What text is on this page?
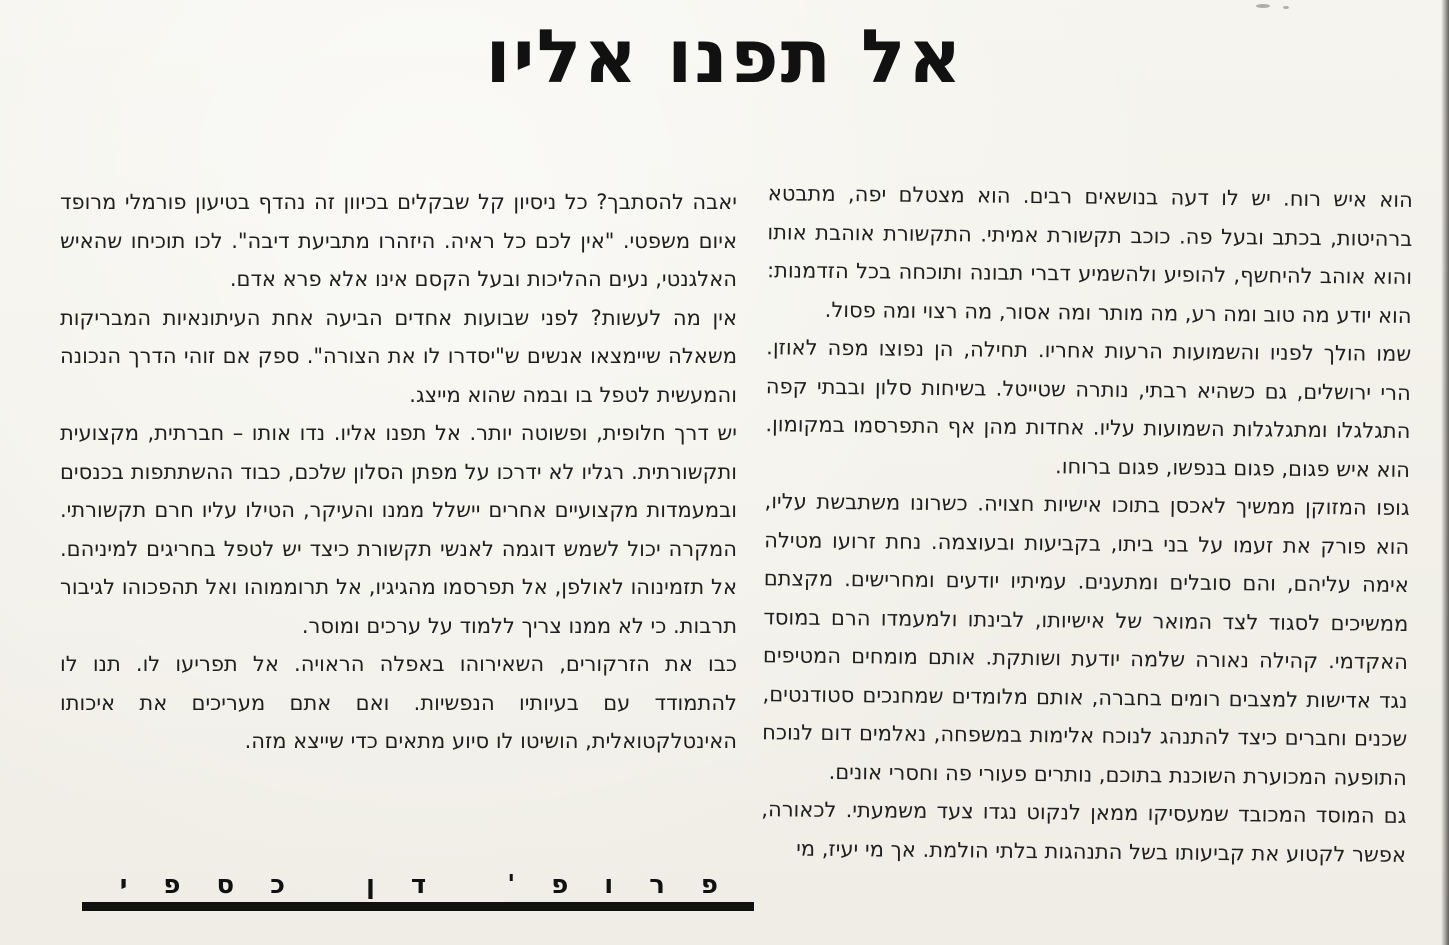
אל תפנו אליו

הוא איש רוח. יש לו דעה בנושאים רבים. הוא מצטלם יפה, מתבטא ברהיטות, בכתב ובעל פה. כוכב תקשורת אמיתי. התקשורת אוהבת אותו והוא אוהב להיחשף, להופיע ולהשמיע דברי תבונה ותוכחה בכל הזדמנות: הוא יודע מה טוב ומה רע, מה מותר ומה אסור, מה רצוי ומה פסול.

שמו הולך לפניו והשמועות הרעות אחריו. תחילה, הן נפוצו מפה לאוזן. הרי ירושלים, גם כשהיא רבתי, נותרה שטייטל. בשיחות סלון ובבתי קפה התגלגלו ומתגלגלות השמועות עליו. אחדות מהן אף התפרסמו במקומון. הוא איש פגום, פגום בנפשו, פגום ברוחו.

גופו המזוקן ממשיך לאכסן בתוכו אישיות חצויה. כשרונו משתבשת עליו, הוא פורק את זעמו על בני ביתו, בקביעות ובעוצמה. נחת זרועו מטילה אימה עליהם, והם סובלים ומתענים. עמיתיו יודעים ומחרישים. מקצתם ממשיכים לסגוד לצד המואר של אישיותו, לבינתו ולמעמדו הרם במוסד האקדמי. קהילה נאורה שלמה יודעת ושותקת. אותם מומחים המטיפים נגד אדישות למצבים רומים בחברה, אותם מלומדים שמחנכים סטודנטים, שכנים וחברים כיצד להתנהג לנוכח אלימות במשפחה, נאלמים דום לנוכח התופעה המכוערת השוכנת בתוכם, נותרים פעורי פה וחסרי אונים.

גם המוסד המכובד שמעסיקו ממאן לנקוט נגדו צעד משמעתי. לכאורה, אפשר לקטוע את קביעותו בשל התנהגות בלתי הולמת. אך מי יעיז, מי

יאבה להסתבך? כל ניסיון קל שבקלים בכיוון זה נהדף בטיעון פורמלי מרופד איום משפטי. "אין לכם כל ראיה. היזהרו מתביעת דיבה". לכו תוכיחו שהאיש האלגנטי, נעים ההליכות ובעל הקסם אינו אלא פרא אדם.

אין מה לעשות? לפני שבועות אחדים הביעה אחת העיתונאיות המבריקות משאלה שיימצאו אנשים ש"יסדרו לו את הצורה". ספק אם זוהי הדרך הנכונה והמעשית לטפל בו ובמה שהוא מייצג.

יש דרך חלופית, ופשוטה יותר. אל תפנו אליו. נדו אותו – חברתית, מקצועית ותקשורתית. רגליו לא ידרכו על מפתן הסלון שלכם, כבוד ההשתתפות בכנסים ובמעמדות מקצועיים אחרים יישלל ממנו והעיקר, הטילו עליו חרם תקשורתי. המקרה יכול לשמש דוגמה לאנשי תקשורת כיצד יש לטפל בחריגים למיניהם. אל תזמינוהו לאולפן, אל תפרסמו מהגיגיו, אל תרוממוהו ואל תהפכוהו לגיבור תרבות. כי לא ממנו צריך ללמוד על ערכים ומוסר.

כבו את הזרקורים, השאירוהו באפלה הראויה. אל תפריעו לו. תנו לו להתמודד עם בעיותיו הנפשיות. ואם אתם מעריכים את איכותו האינטלקטואלית, הושיטו לו סיוע מתאים כדי שייצא מזה.

פרופ' דן כספי
